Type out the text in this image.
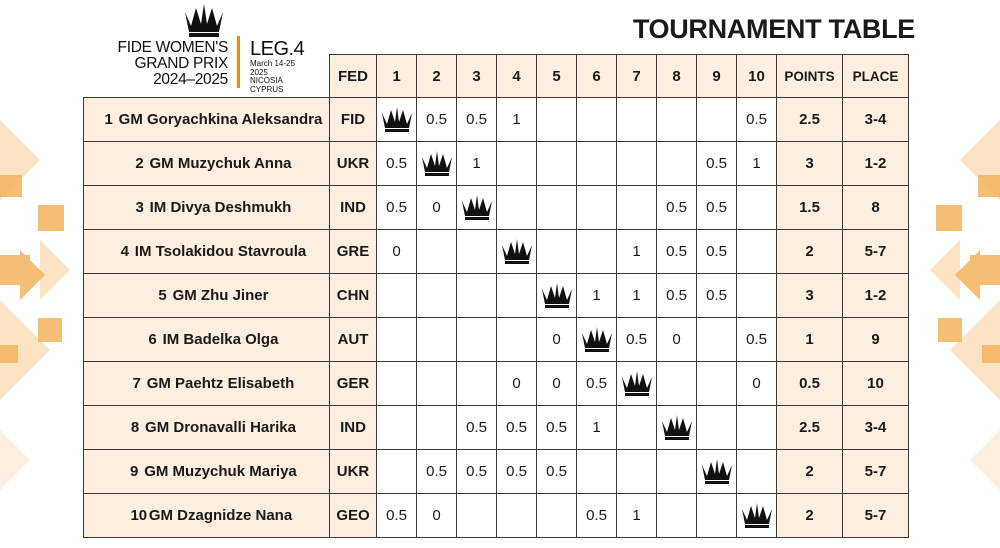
FIDE WOMEN'S
GRAND PRIX
2024–2025
LEG.4
March 14-25
2025
NICOSIA
CYPRUS
TOURNAMENT TABLE
	FED	1	2	3	4	5	6	7	8	9	10	POINTS	PLACE
1 GM Goryachkina Aleksandra	FID		0.5	0.5	1						0.5	2.5	3-4
2 GM Muzychuk Anna	UKR	0.5		1						0.5	1	3	1-2
3 IM Divya Deshmukh	IND	0.5	0						0.5	0.5		1.5	8
4 IM Tsolakidou Stavroula	GRE	0						1	0.5	0.5		2	5-7
5 GM Zhu Jiner	CHN						1	1	0.5	0.5		3	1-2
6 IM Badelka Olga	AUT					0		0.5	0		0.5	1	9
7 GM Paehtz Elisabeth	GER				0	0	0.5				0	0.5	10
8 GM Dronavalli Harika	IND			0.5	0.5	0.5	1					2.5	3-4
9 GM Muzychuk Mariya	UKR		0.5	0.5	0.5	0.5						2	5-7
10 GM Dzagnidze Nana	GEO	0.5	0				0.5	1				2	5-7
